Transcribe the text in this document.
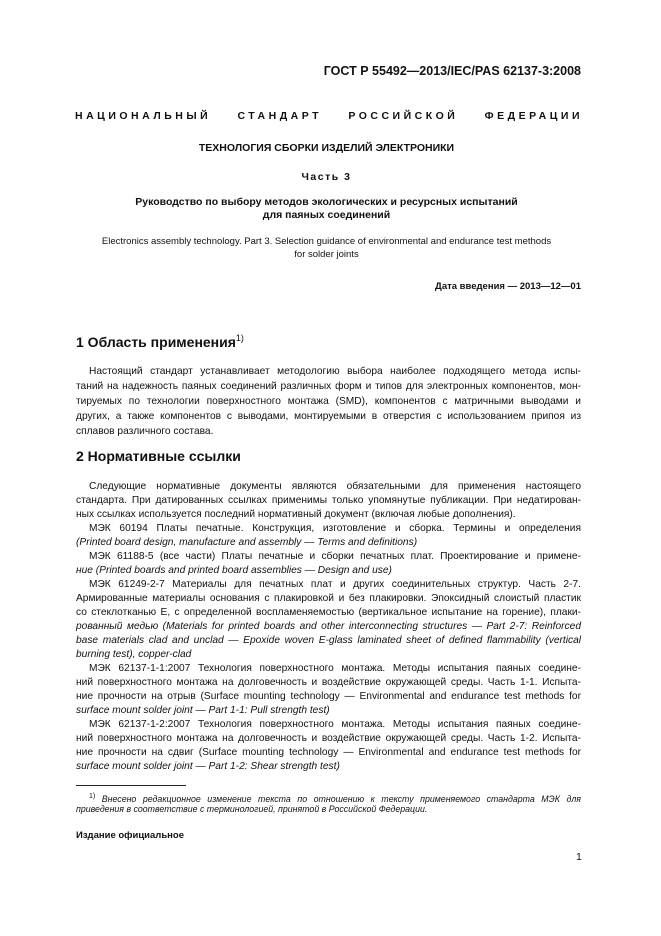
ГОСТ Р 55492—2013/IEC/PAS 62137-3:2008
НАЦИОНАЛЬНЫЙ СТАНДАРТ РОССИЙСКОЙ ФЕДЕРАЦИИ
ТЕХНОЛОГИЯ СБОРКИ ИЗДЕЛИЙ ЭЛЕКТРОНИКИ
Часть 3
Руководство по выбору методов экологических и ресурсных испытаний
для паяных соединений
Electronics assembly technology. Part 3. Selection guidance of environmental and endurance test methods
for solder joints
Дата введения — 2013—12—01
1 Область применения$^{1)}$
Настоящий стандарт устанавливает методологию выбора наиболее подходящего метода испы-
таний на надежность паяных соединений различных форм и типов для электронных компонентов, мон-
тируемых по технологии поверхностного монтажа (SMD), компонентов с матричными выводами и
других, а также компонентов с выводами, монтируемыми в отверстия с использованием припоя из
сплавов различного состава.
2 Нормативные ссылки
Следующие нормативные документы являются обязательными для применения настоящего
стандарта. При датированных ссылках применимы только упомянутые публикации. При недатирован-
ных ссылках используется последний нормативный документ (включая любые дополнения).
МЭК 60194 Платы печатные. Конструкция, изготовление и сборка. Термины и определения
(Printed board design, manufacture and assembly — Terms and definitions)
МЭК 61188-5 (все части) Платы печатные и сборки печатных плат. Проектирование и примене-
ние (Printed boards and printed board assemblies — Design and use)
МЭК 61249-2-7 Материалы для печатных плат и других соединительных структур. Часть 2-7.
Армированные материалы основания с плакировкой и без плакировки. Эпоксидный слоистый пластик
со стеклотканью Е, с определенной воспламеняемостью (вертикальное испытание на горение), плаки-
рованный медью (Materials for printed boards and other interconnecting structures — Part 2-7: Reinforced
base materials clad and unclad — Epoxide woven E-glass laminated sheet of defined flammability (vertical
burning test), copper-clad
МЭК 62137-1-1:2007 Технология поверхностного монтажа. Методы испытания паяных соедине-
ний поверхностного монтажа на долговечность и воздействие окружающей среды. Часть 1-1. Испыта-
ние прочности на отрыв (Surface mounting technology — Environmental and endurance test methods for
surface mount solder joint — Part 1-1: Pull strength test)
МЭК 62137-1-2:2007 Технология поверхностного монтажа. Методы испытания паяных соедине-
ний поверхностного монтажа на долговечность и воздействие окружающей среды. Часть 1-2. Испыта-
ние прочности на сдвиг (Surface mounting technology — Environmental and endurance test methods for
surface mount solder joint — Part 1-2: Shear strength test)
$^{1)}$ Внесено редакционное изменение текста по отношению к тексту применяемого стандарта МЭК для
приведения в соответствие с терминологией, принятой в Российской Федерации.
Издание официальное
1
